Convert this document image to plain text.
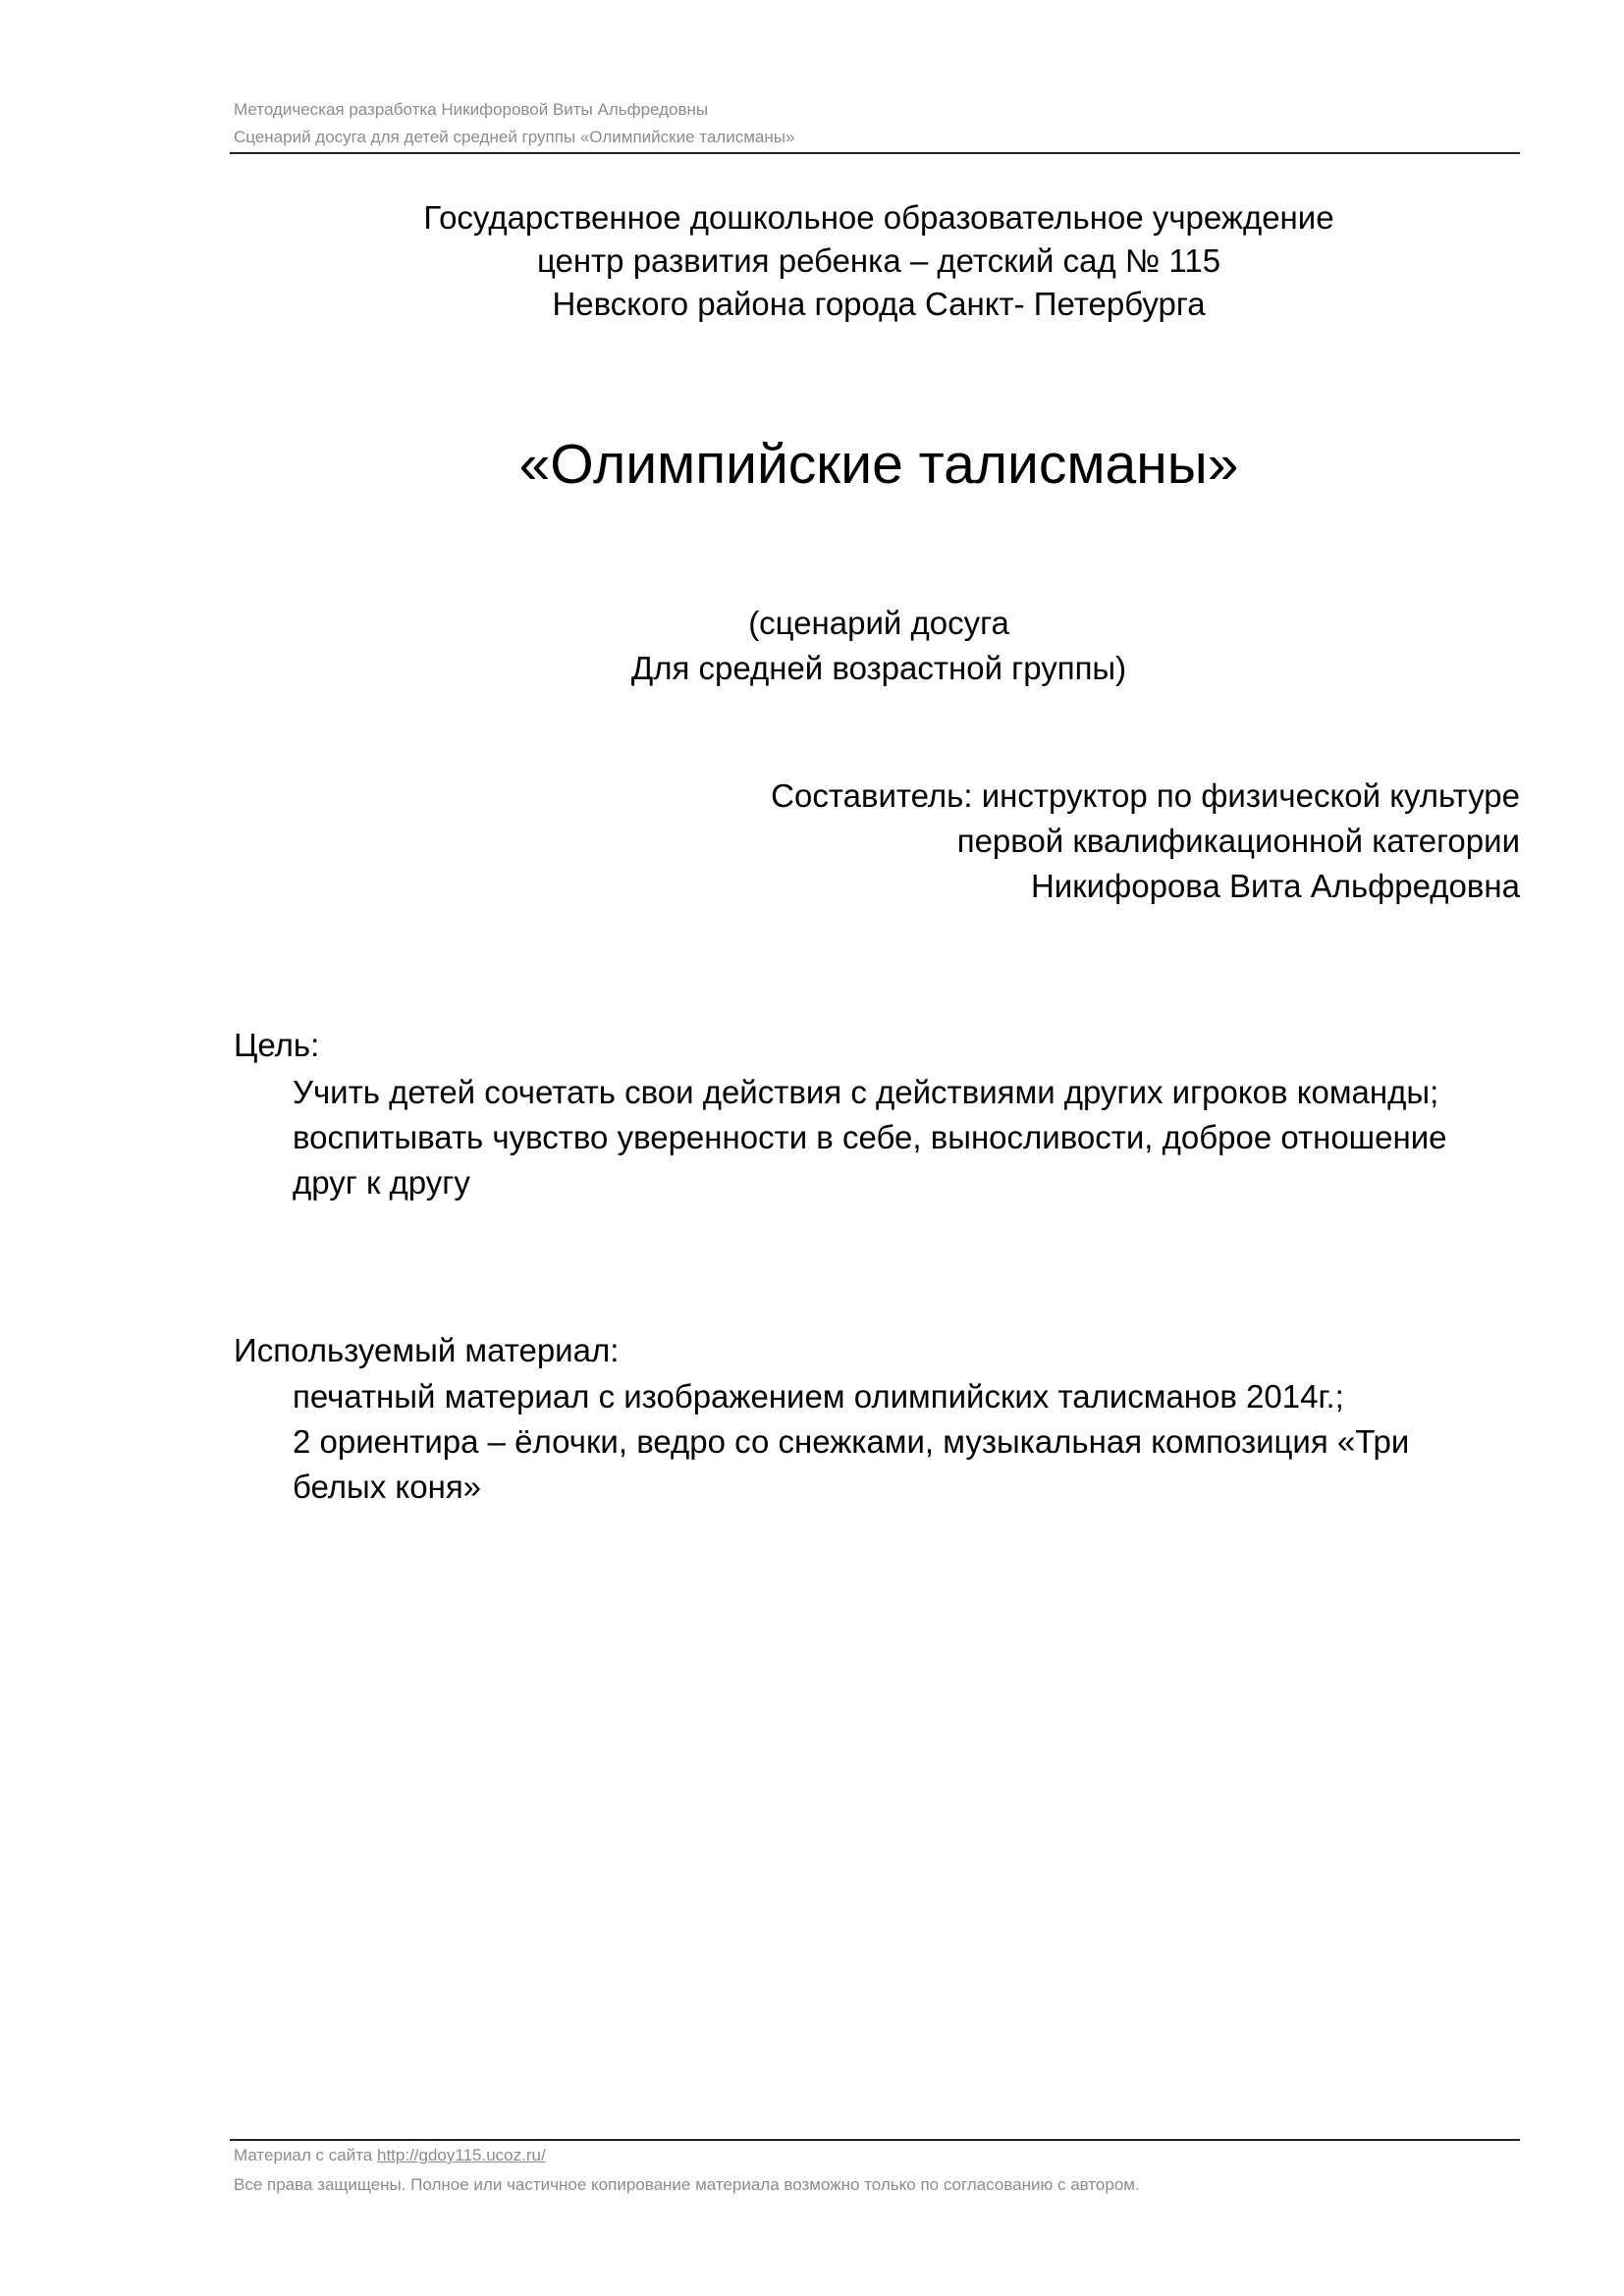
Методическая разработка Никифоровой Виты Альфредовны
Сценарий досуга для детей средней группы «Олимпийские талисманы»
Государственное дошкольное образовательное учреждение
центр развития ребенка – детский сад № 115
Невского района города Санкт- Петербурга
«Олимпийские талисманы»
(сценарий досуга
Для средней возрастной группы)
Составитель: инструктор по физической культуре
первой квалификационной категории
Никифорова Вита Альфредовна
Цель:
Учить детей сочетать свои действия с действиями других игроков команды;
воспитывать чувство уверенности в себе, выносливости, доброе отношение
друг к другу
Используемый материал:
печатный материал с изображением олимпийских талисманов 2014г.;
2 ориентира – ёлочки, ведро со снежками, музыкальная композиция «Три
белых коня»
Материал с сайта http://gdoy115.ucoz.ru/
Все права защищены. Полное или частичное копирование материала возможно только по согласованию с автором.
